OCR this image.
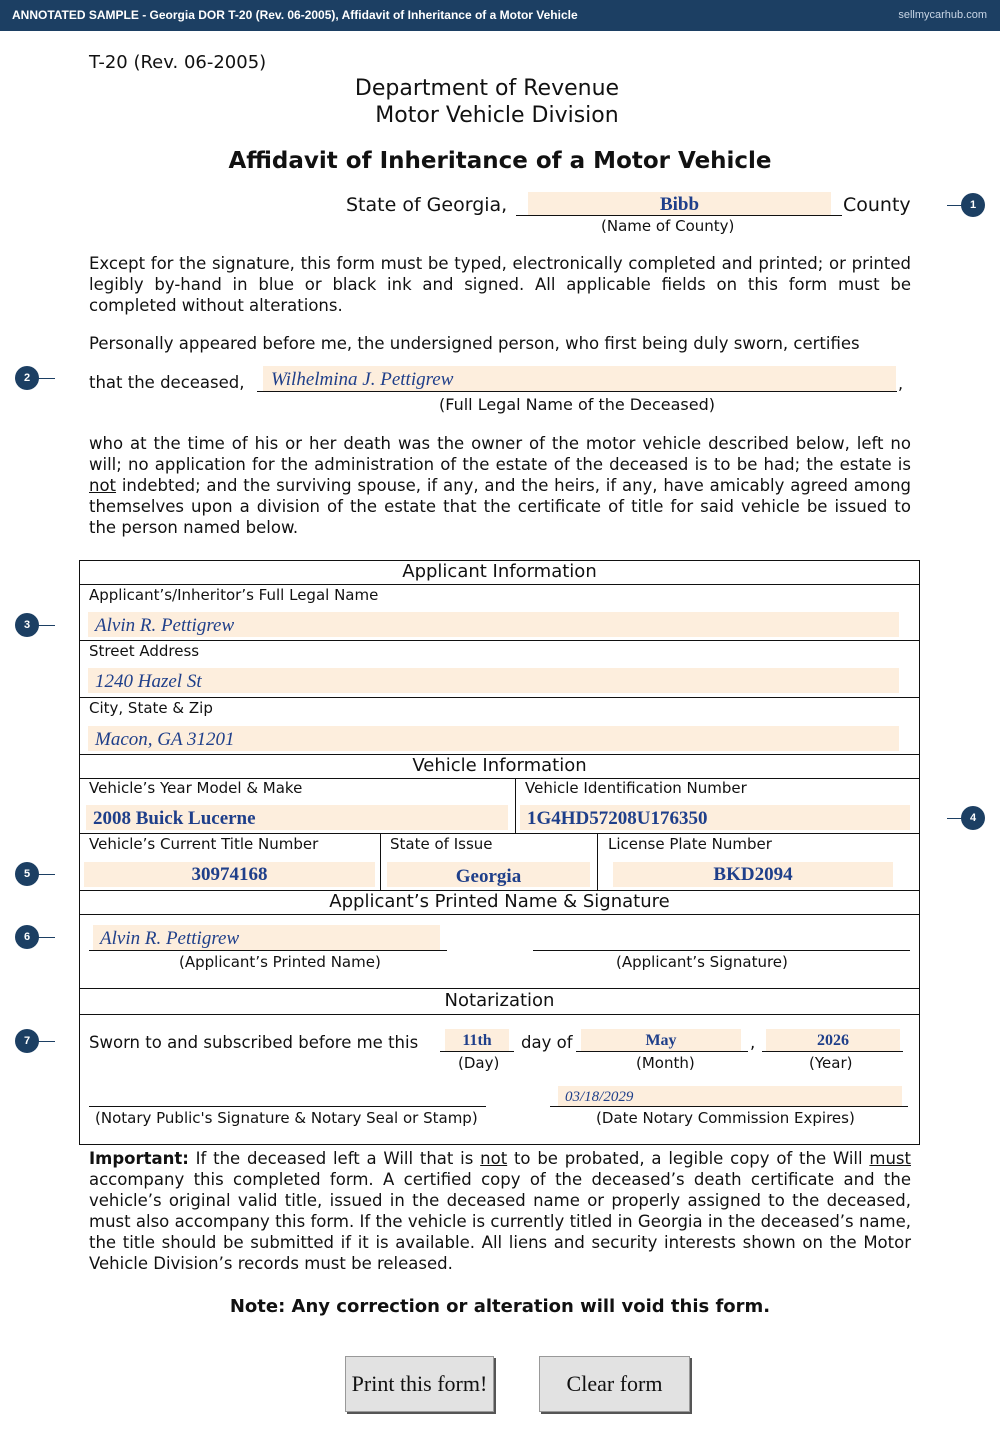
ANNOTATED SAMPLE - Georgia DOR T-20 (Rev. 06-2005), Affidavit of Inheritance of a Motor Vehicle	sellmycarhub.com
T-20 (Rev. 06-2005)
Department of Revenue
Motor Vehicle Division
Affidavit of Inheritance of a Motor Vehicle
State of Georgia,	Bibb	County
(Name of County)
Except for the signature, this form must be typed, electronically completed and printed; or printed legibly by-hand in blue or black ink and signed. All applicable fields on this form must be completed without alterations.
Personally appeared before me, the undersigned person, who first being duly sworn, certifies
that the deceased,	Wilhelmina J. Pettigrew	,
(Full Legal Name of the Deceased)
who at the time of his or her death was the owner of the motor vehicle described below, left no will; no application for the administration of the estate of the deceased is to be had; the estate is not indebted; and the surviving spouse, if any, and the heirs, if any, have amicably agreed among themselves upon a division of the estate that the certificate of title for said vehicle be issued to the person named below.
Applicant Information
Applicant’s/Inheritor’s Full Legal Name
Alvin R. Pettigrew
Street Address
1240 Hazel St
City, State & Zip
Macon, GA 31201
Vehicle Information
Vehicle’s Year Model & Make
2008 Buick Lucerne
Vehicle Identification Number
1G4HD57208U176350
Vehicle’s Current Title Number
30974168
State of Issue
Georgia
License Plate Number
BKD2094
Applicant’s Printed Name & Signature
Alvin R. Pettigrew
(Applicant’s Printed Name)	(Applicant’s Signature)
Notarization
Sworn to and subscribed before me this	11th
(Day)
day of	May	,
(Month)
2026
(Year)
(Notary Public's Signature & Notary Seal or Stamp)
03/18/2029
(Date Notary Commission Expires)
Important: If the deceased left a Will that is not to be probated, a legible copy of the Will must accompany this completed form. A certified copy of the deceased’s death certificate and the vehicle’s original valid title, issued in the deceased name or properly assigned to the deceased, must also accompany this form. If the vehicle is currently titled in Georgia in the deceased’s name, the title should be submitted if it is available. All liens and security interests shown on the Motor Vehicle Division’s records must be released.
Note: Any correction or alteration will void this form.
Print this form!	Clear form
1
2
3
4
5
6
7
